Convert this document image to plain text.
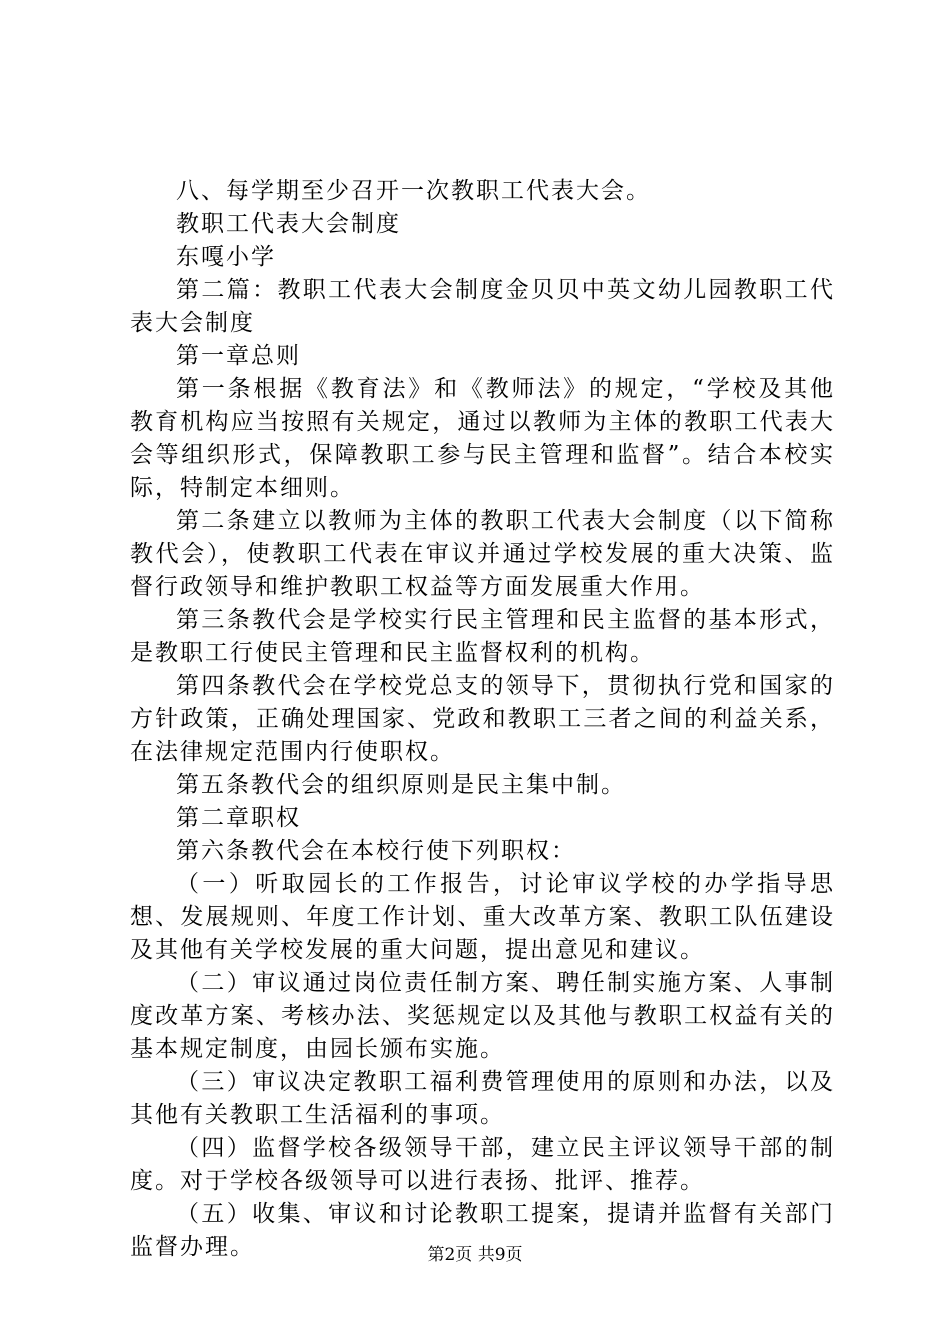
八、每学期至少召开一次教职工代表大会。

教职工代表大会制度

东嘎小学

第二篇：教职工代表大会制度金贝贝中英文幼儿园教职工代表大会制度

第一章总则

第一条根据《教育法》和《教师法》的规定，“学校及其他教育机构应当按照有关规定，通过以教师为主体的教职工代表大会等组织形式，保障教职工参与民主管理和监督”。结合本校实际，特制定本细则。

第二条建立以教师为主体的教职工代表大会制度（以下简称教代会），使教职工代表在审议并通过学校发展的重大决策、监督行政领导和维护教职工权益等方面发展重大作用。

第三条教代会是学校实行民主管理和民主监督的基本形式，是教职工行使民主管理和民主监督权利的机构。

第四条教代会在学校党总支的领导下，贯彻执行党和国家的方针政策，正确处理国家、党政和教职工三者之间的利益关系，在法律规定范围内行使职权。

第五条教代会的组织原则是民主集中制。

第二章职权

第六条教代会在本校行使下列职权：

（一）听取园长的工作报告，讨论审议学校的办学指导思想、发展规则、年度工作计划、重大改革方案、教职工队伍建设及其他有关学校发展的重大问题，提出意见和建议。

（二）审议通过岗位责任制方案、聘任制实施方案、人事制度改革方案、考核办法、奖惩规定以及其他与教职工权益有关的基本规定制度，由园长颁布实施。

（三）审议决定教职工福利费管理使用的原则和办法，以及其他有关教职工生活福利的事项。

（四）监督学校各级领导干部，建立民主评议领导干部的制度。对于学校各级领导可以进行表扬、批评、推荐。

（五）收集、审议和讨论教职工提案，提请并监督有关部门监督办理。	第2页 共9页
